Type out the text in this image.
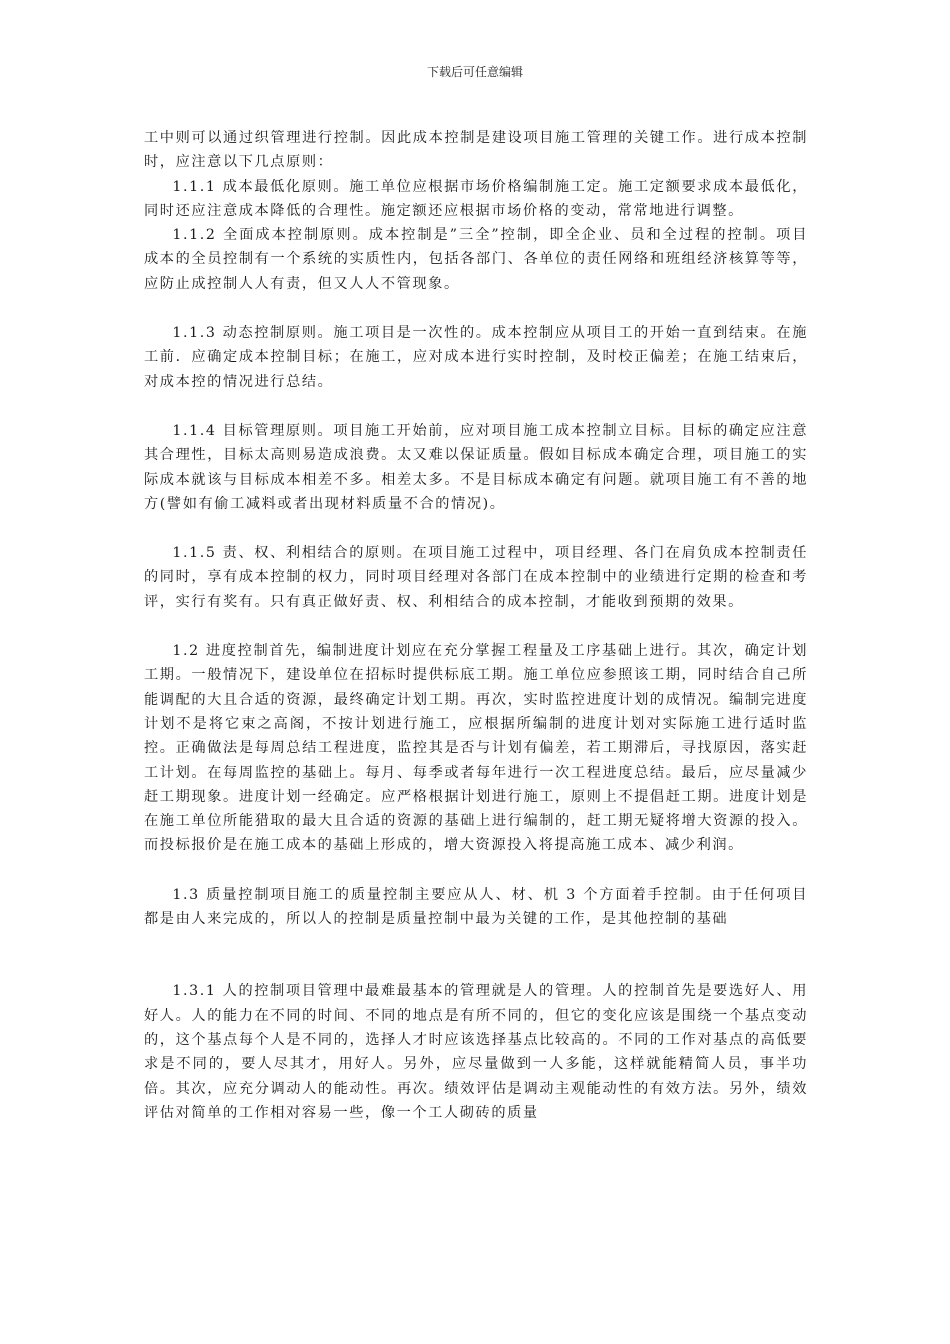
下载后可任意编辑

工中则可以通过织管理进行控制。因此成本控制是建设项目施工管理的关键工作。进行成本控制时，应注意以下几点原则：

1.1.1 成本最低化原则。施工单位应根据市场价格编制施工定。施工定额要求成本最低化，同时还应注意成本降低的合理性。施定额还应根据市场价格的变动，常常地进行调整。

1.1.2 全面成本控制原则。成本控制是”三全”控制，即全企业、员和全过程的控制。项目成本的全员控制有一个系统的实质性内，包括各部门、各单位的责任网络和班组经济核算等等，应防止成控制人人有责，但又人人不管现象。

1.1.3 动态控制原则。施工项目是一次性的。成本控制应从项目工的开始一直到结束。在施工前．应确定成本控制目标；在施工，应对成本进行实时控制，及时校正偏差；在施工结束后，对成本控的情况进行总结。

1.1.4 目标管理原则。项目施工开始前，应对项目施工成本控制立目标。目标的确定应注意其合理性，目标太高则易造成浪费。太又难以保证质量。假如目标成本确定合理，项目施工的实际成本就该与目标成本相差不多。相差太多。不是目标成本确定有问题。就项目施工有不善的地方(譬如有偷工减料或者出现材料质量不合的情况)。

1.1.5 责、权、利相结合的原则。在项目施工过程中，项目经理、各门在肩负成本控制责任的同时，享有成本控制的权力，同时项目经理对各部门在成本控制中的业绩进行定期的检查和考评，实行有奖有。只有真正做好责、权、利相结合的成本控制，才能收到预期的效果。

1.2 进度控制首先，编制进度计划应在充分掌握工程量及工序基础上进行。其次，确定计划工期。一般情况下，建设单位在招标时提供标底工期。施工单位应参照该工期，同时结合自己所能调配的大且合适的资源，最终确定计划工期。再次，实时监控进度计划的成情况。编制完进度计划不是将它束之高阁，不按计划进行施工，应根据所编制的进度计划对实际施工进行适时监控。正确做法是每周总结工程进度，监控其是否与计划有偏差，若工期滞后，寻找原因，落实赶工计划。在每周监控的基础上。每月、每季或者每年进行一次工程进度总结。最后，应尽量减少赶工期现象。进度计划一经确定。应严格根据计划进行施工，原则上不提倡赶工期。进度计划是在施工单位所能猎取的最大且合适的资源的基础上进行编制的，赶工期无疑将增大资源的投入。而投标报价是在施工成本的基础上形成的，增大资源投入将提高施工成本、减少利润。

1.3 质量控制项目施工的质量控制主要应从人、材、机 3 个方面着手控制。由于任何项目都是由人来完成的，所以人的控制是质量控制中最为关键的工作，是其他控制的基础

1.3.1 人的控制项目管理中最难最基本的管理就是人的管理。人的控制首先是要选好人、用好人。人的能力在不同的时间、不同的地点是有所不同的，但它的变化应该是围绕一个基点变动的，这个基点每个人是不同的，选择人才时应该选择基点比较高的。不同的工作对基点的高低要求是不同的，要人尽其才，用好人。另外，应尽量做到一人多能，这样就能精简人员，事半功倍。其次，应充分调动人的能动性。再次。绩效评估是调动主观能动性的有效方法。另外，绩效评估对简单的工作相对容易一些，像一个工人砌砖的质量
